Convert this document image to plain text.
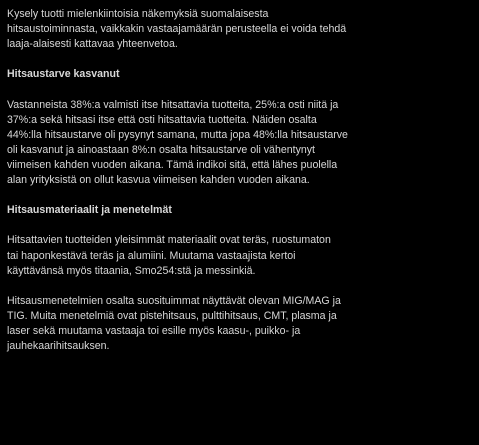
Kysely tuotti mielenkiintoisia näkemyksiä suomalaisesta
hitsaustoiminnasta, vaikkakin vastaajamäärän perusteella ei voida tehdä
laaja-alaisesti kattavaa yhteenvetoa.

Hitsaustarve kasvanut

Vastanneista 38%:a valmisti itse hitsattavia tuotteita, 25%:a osti niitä ja
37%:a sekä hitsasi itse että osti hitsattavia tuotteita. Näiden osalta
44%:lla hitsaustarve oli pysynyt samana, mutta jopa 48%:lla hitsaustarve
oli kasvanut ja ainoastaan 8%:n osalta hitsaustarve oli vähentynyt
viimeisen kahden vuoden aikana. Tämä indikoi sitä, että lähes puolella
alan yrityksistä on ollut kasvua viimeisen kahden vuoden aikana.

Hitsausmateriaalit ja menetelmät

Hitsattavien tuotteiden yleisimmät materiaalit ovat teräs, ruostumaton
tai haponkestävä teräs ja alumiini. Muutama vastaajista kertoi
käyttävänsä myös titaania, Smo254:stä ja messinkiä.

Hitsausmenetelmien osalta suosituimmat näyttävät olevan MIG/MAG ja
TIG. Muita menetelmiä ovat pistehitsaus, pulttihitsaus, CMT, plasma ja
laser sekä muutama vastaaja toi esille myös kaasu-, puikko- ja
jauhekaarihitsauksen.
